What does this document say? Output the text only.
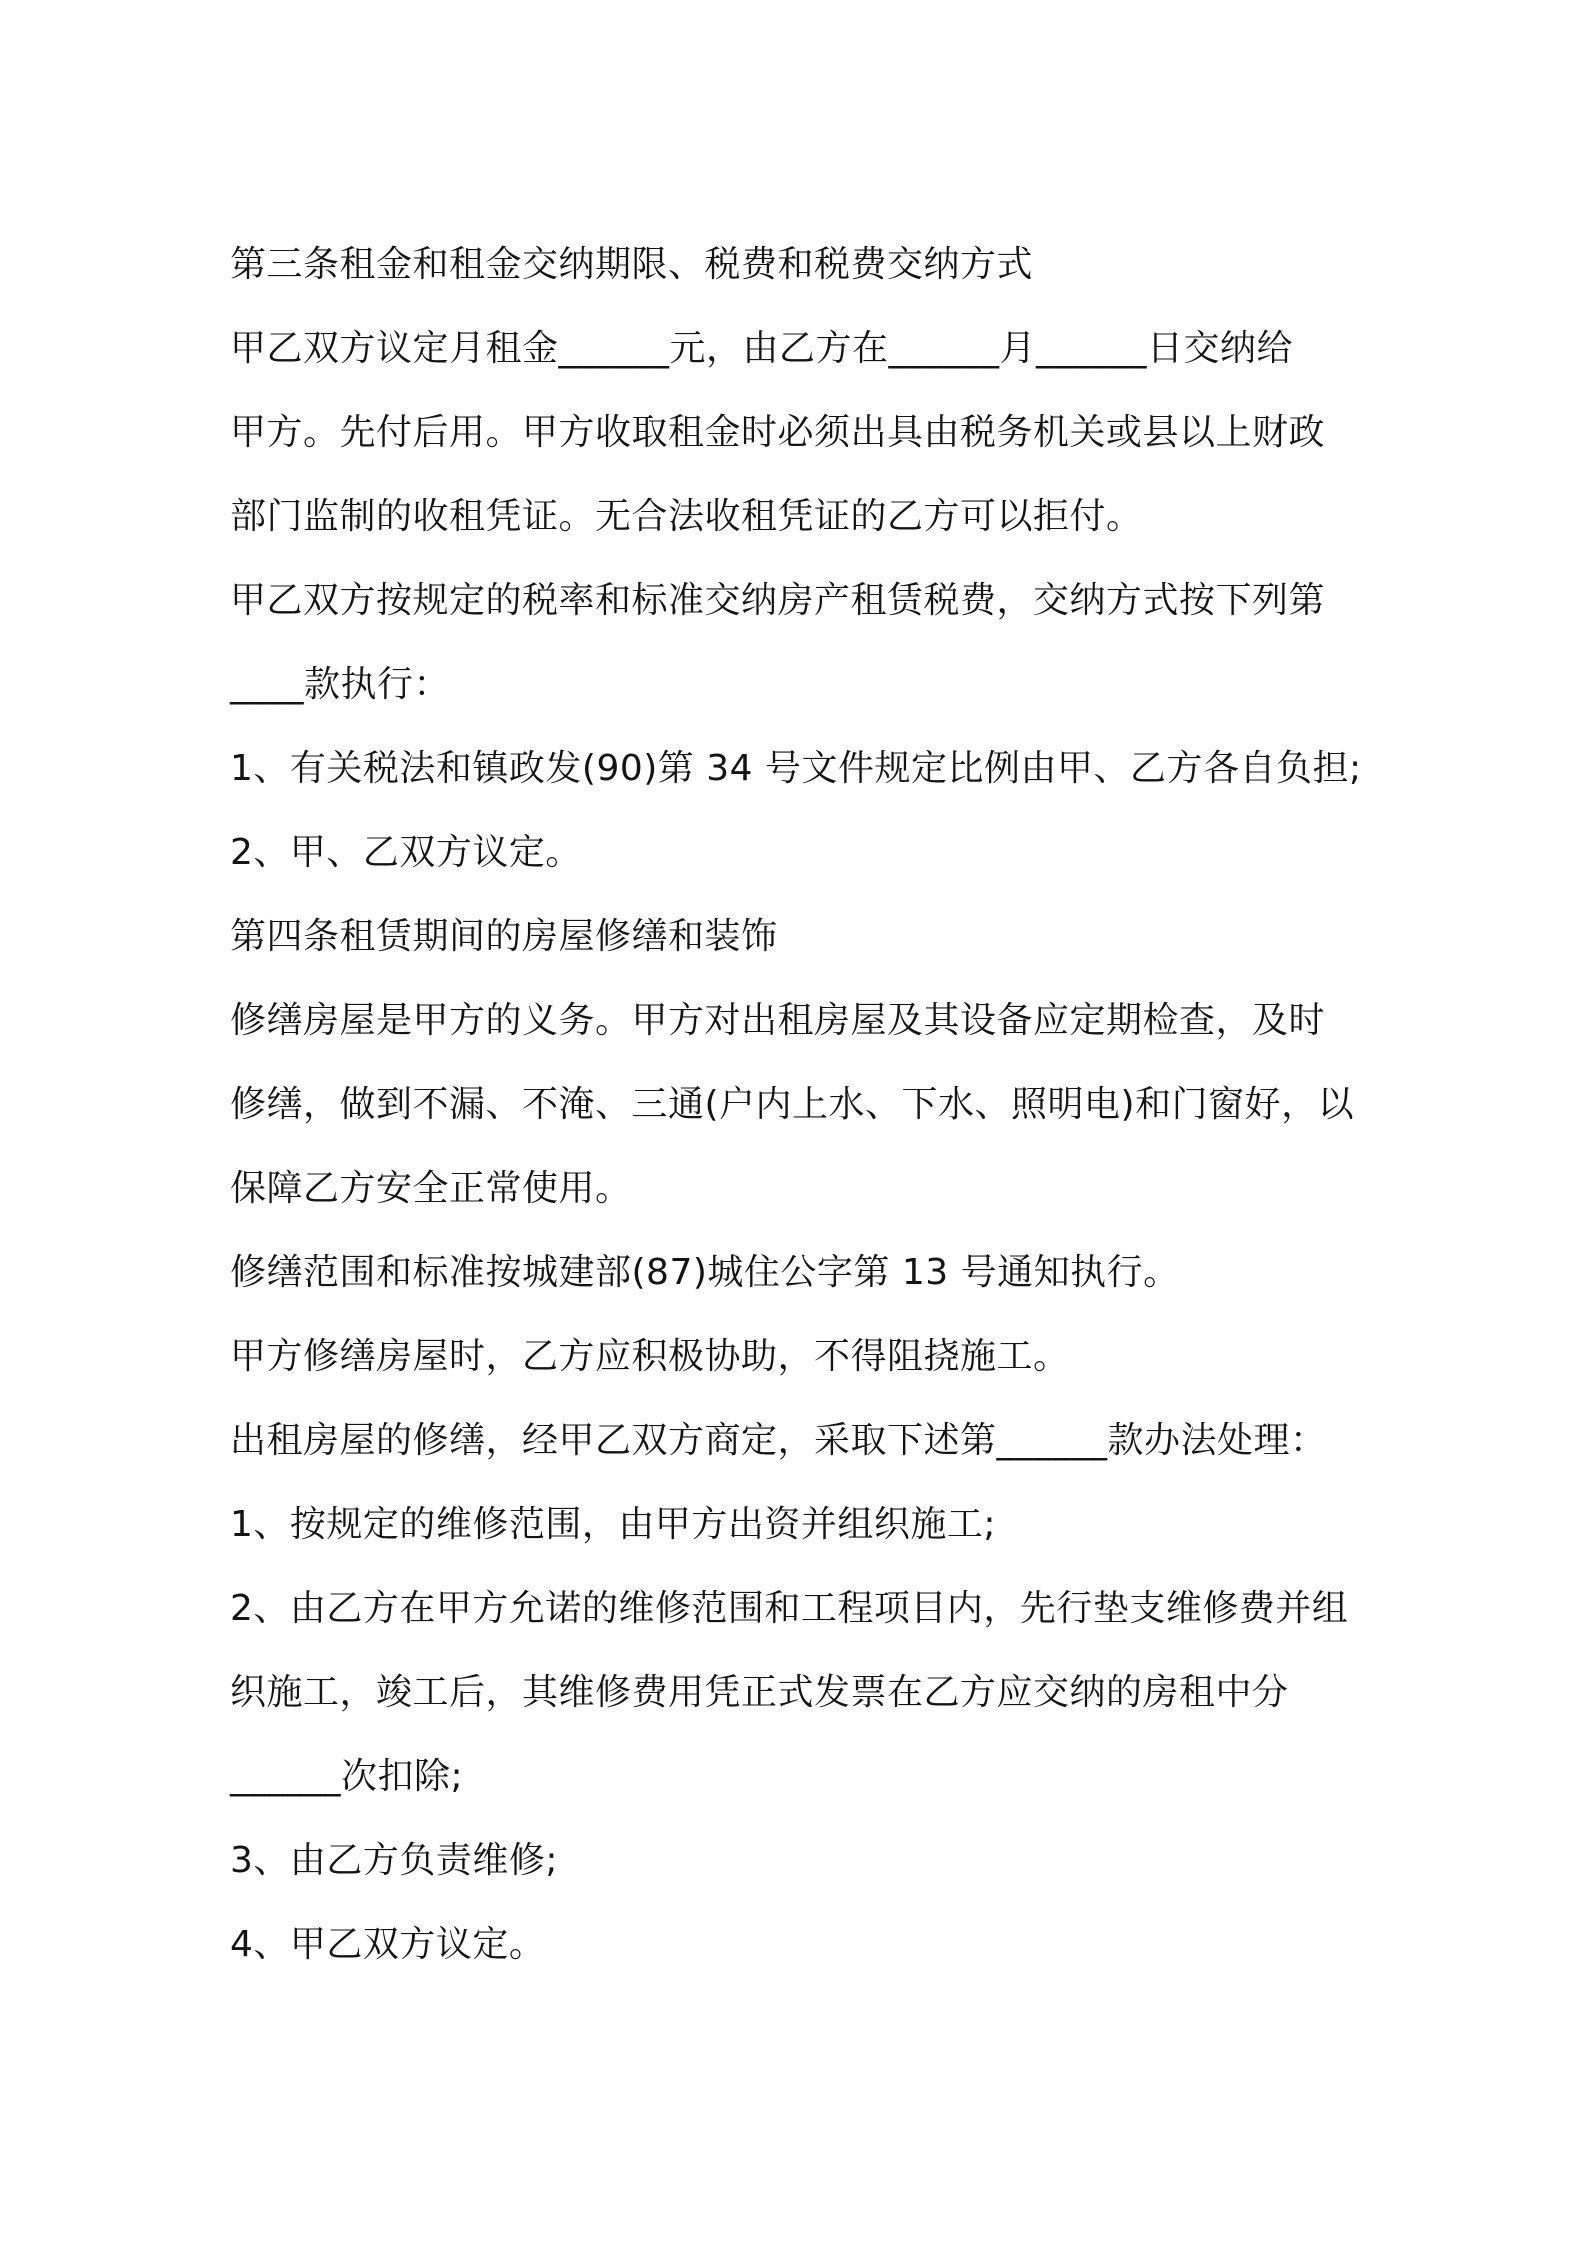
第三条租金和租金交纳期限、税费和税费交纳方式
甲乙双方议定月租金______元，由乙方在______月______日交纳给
甲方。先付后用。甲方收取租金时必须出具由税务机关或县以上财政
部门监制的收租凭证。无合法收租凭证的乙方可以拒付。
甲乙双方按规定的税率和标准交纳房产租赁税费，交纳方式按下列第
____款执行：
1、有关税法和镇政发(90)第 34 号文件规定比例由甲、乙方各自负担;
2、甲、乙双方议定。
第四条租赁期间的房屋修缮和装饰
修缮房屋是甲方的义务。甲方对出租房屋及其设备应定期检查，及时
修缮，做到不漏、不淹、三通(户内上水、下水、照明电)和门窗好，以
保障乙方安全正常使用。
修缮范围和标准按城建部(87)城住公字第 13 号通知执行。
甲方修缮房屋时，乙方应积极协助，不得阻挠施工。
出租房屋的修缮，经甲乙双方商定，采取下述第______款办法处理：
1、按规定的维修范围，由甲方出资并组织施工;
2、由乙方在甲方允诺的维修范围和工程项目内，先行垫支维修费并组
织施工，竣工后，其维修费用凭正式发票在乙方应交纳的房租中分
______次扣除;
3、由乙方负责维修;
4、甲乙双方议定。
